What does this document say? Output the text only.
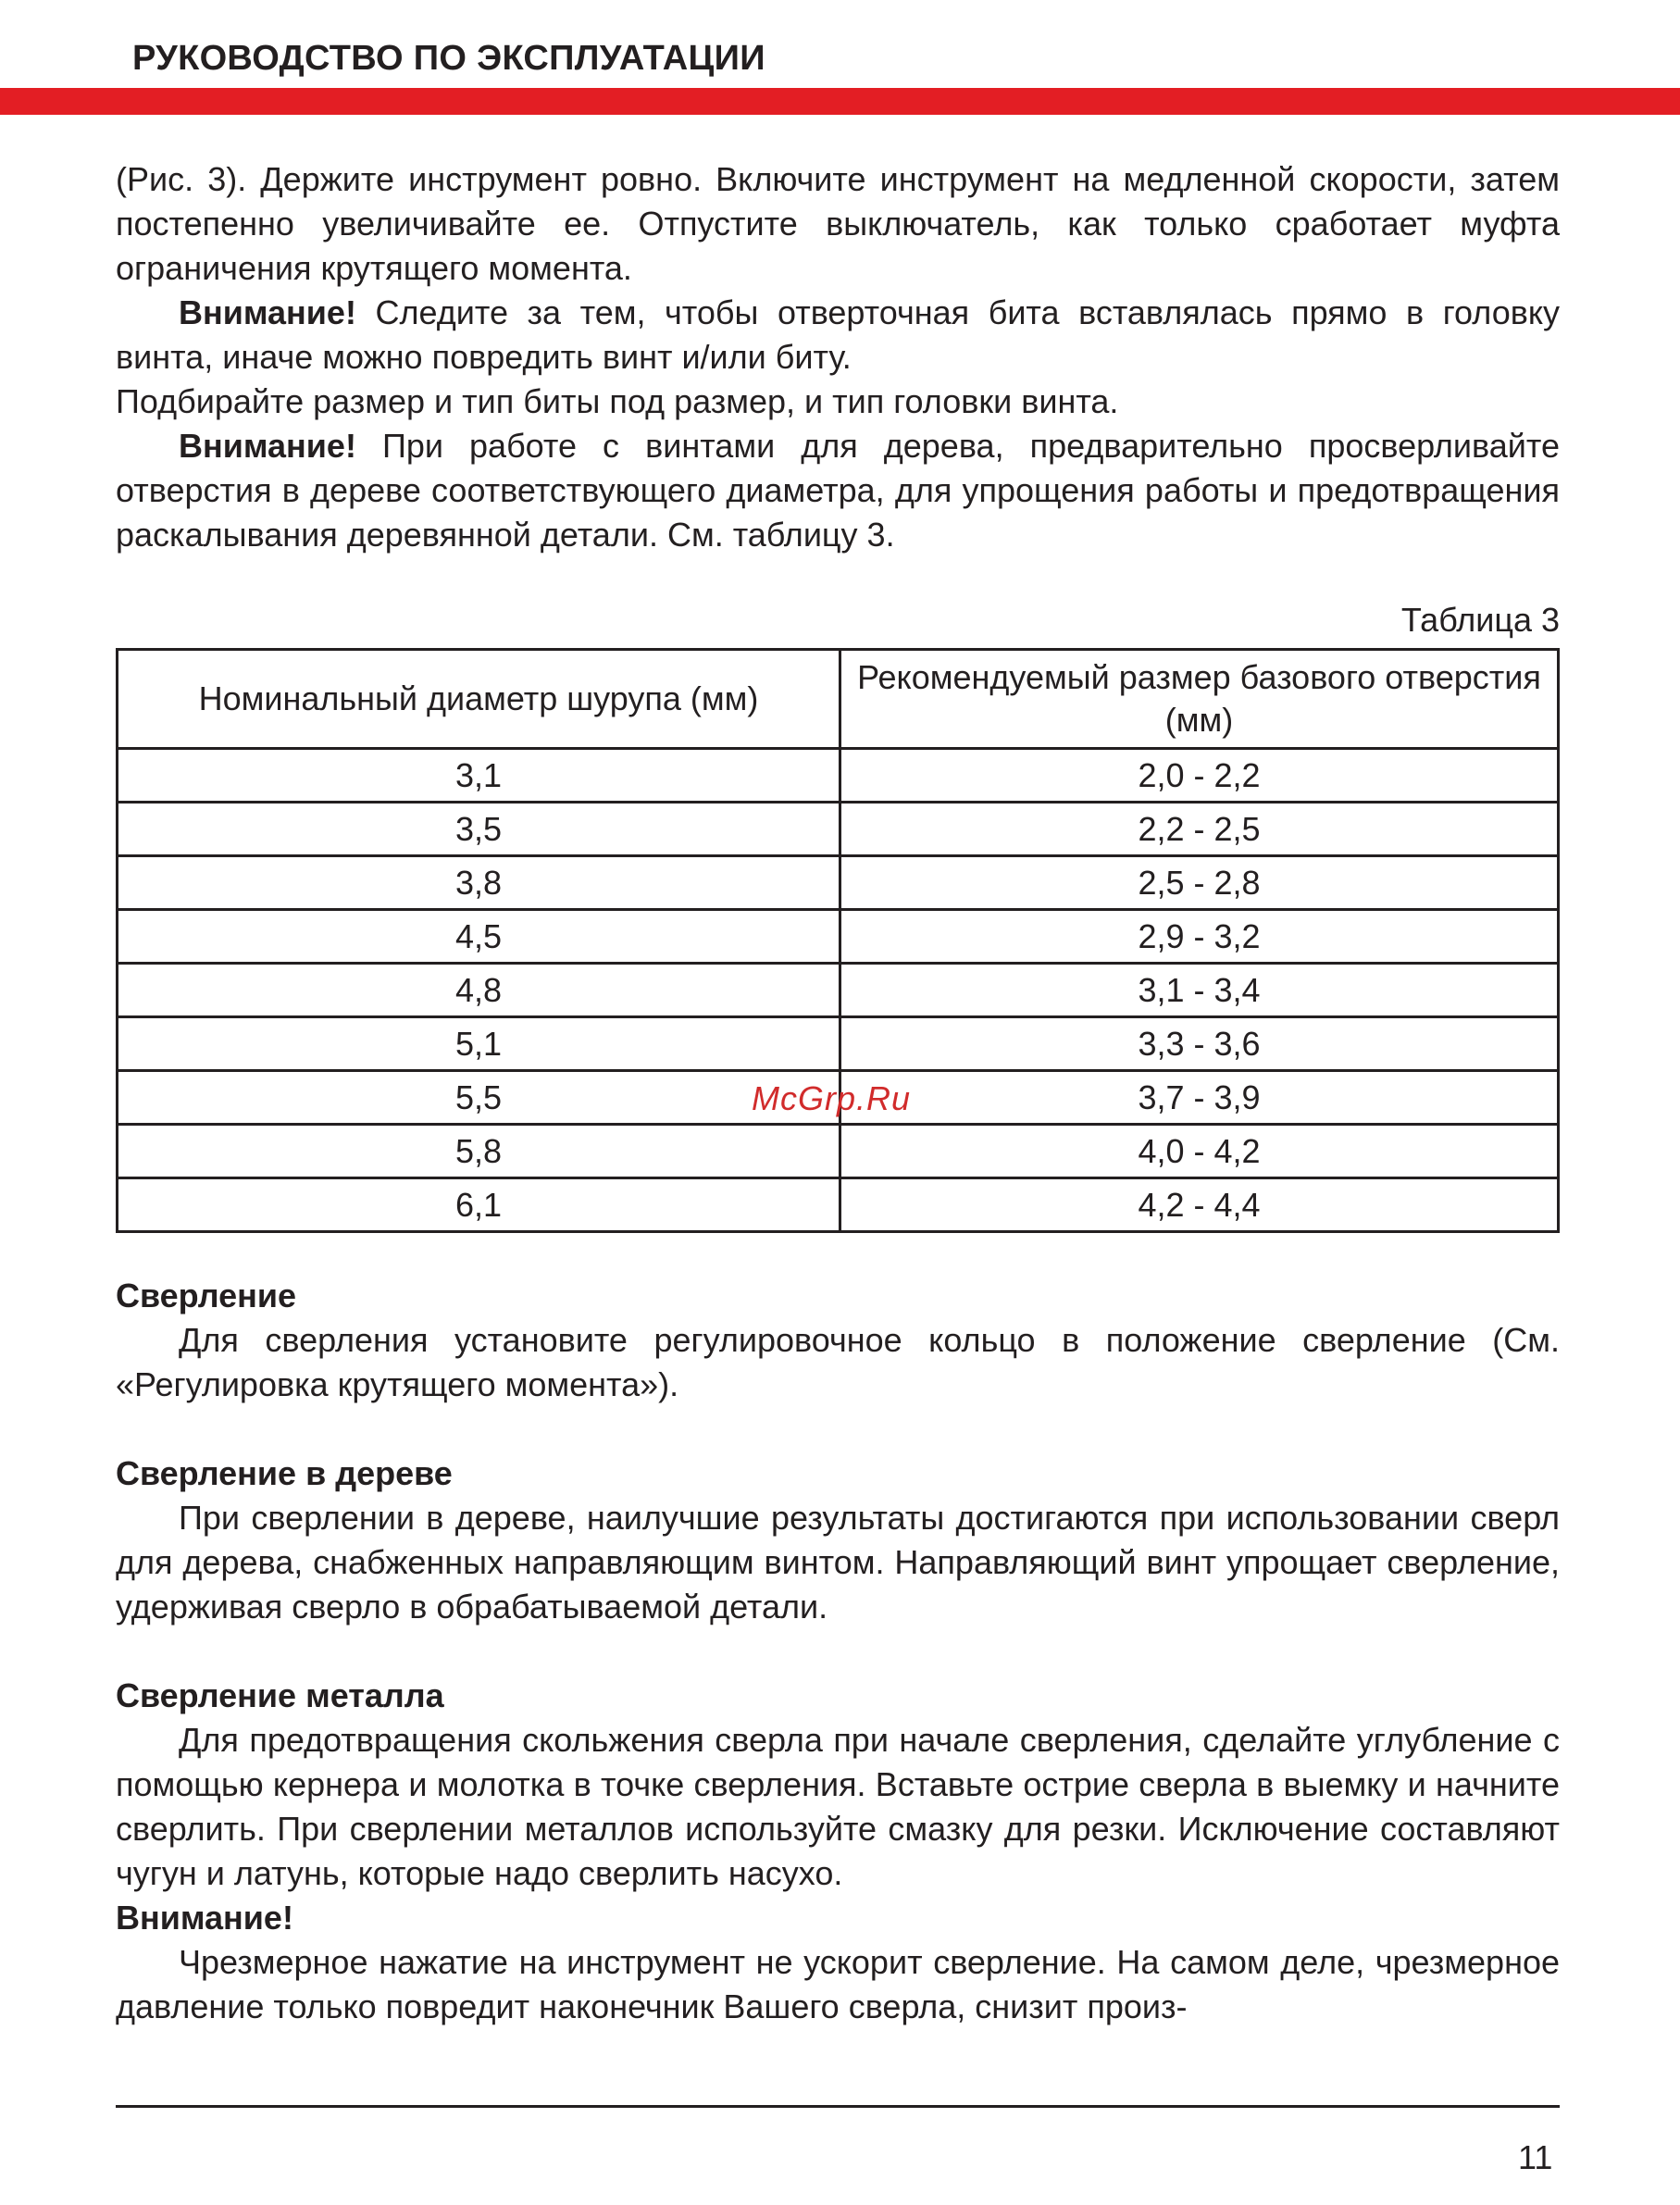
РУКОВОДСТВО ПО ЭКСПЛУАТАЦИИ

(Рис. 3). Держите инструмент ровно. Включите инструмент на медленной скорости, затем постепенно увеличивайте ее. Отпустите выключатель, как только сработает муфта ограничения крутящего момента.

Внимание! Следите за тем, чтобы отверточная бита вставлялась прямо в головку винта, иначе можно повредить винт и/или биту.

Подбирайте размер и тип биты под размер, и тип головки винта.

Внимание! При работе с винтами для дерева, предварительно просверливайте отверстия в дереве соответствующего диаметра, для упрощения работы и предотвращения раскалывания деревянной детали. См. таблицу 3.

Таблица 3
Номинальный диаметр шурупа (мм)	Рекомендуемый размер базового отверстия (мм)
3,1	2,0 - 2,2
3,5	2,2 - 2,5
3,8	2,5 - 2,8
4,5	2,9 - 3,2
4,8	3,1 - 3,4
5,1	3,3 - 3,6
5,5	3,7 - 3,9
5,8	4,0 - 4,2
6,1	4,2 - 4,4
Сверление

Для сверления установите регулировочное кольцо в положение сверление (См. «Регулировка крутящего момента»).

Сверление в дереве

При сверлении в дереве, наилучшие результаты достигаются при использовании сверл для дерева, снабженных направляющим винтом. Направляющий винт упрощает сверление, удерживая сверло в обрабатываемой детали.

Сверление металла

Для предотвращения скольжения сверла при начале сверления, сделайте углубление с помощью кернера и молотка в точке сверления. Вставьте острие сверла в выемку и начните сверлить. При сверлении металлов используйте смазку для резки. Исключение составляют чугун и латунь, которые надо сверлить насухо.

Внимание!

Чрезмерное нажатие на инструмент не ускорит сверление. На самом деле, чрезмерное давление только повредит наконечник Вашего сверла, снизит произ-

McGrp.Ru
11
